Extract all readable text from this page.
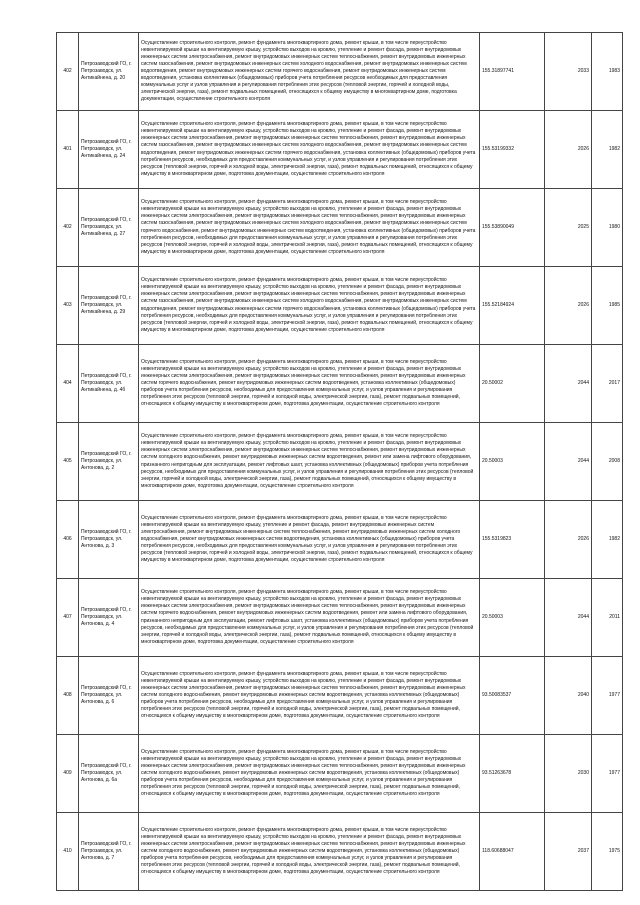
402	Петрозаводский ГО, г. Петрозаводск, ул. Антикайнена, д. 20	Осуществление строительного контроля, ремонт фундамента многоквартирного дома, ремонт крыши, в том числе переустройство невентилируемой крыши на вентилируемую крышу, устройство выходов на кровлю, утепление и ремонт фасада, ремонт внутридомовых инженерных систем электроснабжения, ремонт внутридомовых инженерных систем теплоснабжения, ремонт внутридомовых инженерных систем газоснабжения, ремонт внутридомовых инженерных систем холодного водоснабжения, ремонт внутридомовых инженерных систем водоотведения, ремонт внутридомовых инженерных систем горячего водоснабжения, ремонт внутридомовых инженерных систем водоотведения, установка коллективных (общедомовых) приборов учета потребления ресурсов необходимых для предоставления коммунальных услуг и узлов управления и регулирования потребления этих ресурсов (тепловой энергии, горячей и холодной воды, электрической энергии, газа), ремонт подвальных помещений, относящихся к общему имуществу в многоквартирном доме, подготовка документации, осуществление строительного контроля	155.31897741	2033	1983
401	Петрозаводский ГО, г. Петрозаводск, ул. Антикайнена, д. 24	Осуществление строительного контроля, ремонт фундамента многоквартирного дома, ремонт крыши, в том числе переустройство невентилируемой крыши на вентилируемую крышу, устройство выходов на кровлю, утепление и ремонт фасада, ремонт внутридомовых инженерных систем электроснабжения, ремонт внутридомовых инженерных систем теплоснабжения, ремонт внутридомовых инженерных систем газоснабжения, ремонт внутридомовых инженерных систем холодного водоснабжения, ремонт внутридомовых инженерных систем водоотведения, ремонт внутридомовых инженерных систем горячего водоснабжения, установка коллективных (общедомовых) приборов учета потребления ресурсов, необходимых для предоставления коммунальных услуг, и узлов управления и регулирования потребления этих ресурсов (тепловой энергии, горячей и холодной воды, электрической энергии, газа), ремонт подвальных помещений, относящихся к общему имуществу в многоквартирном доме, подготовка документации, осуществление строительного контроля	155.53199332	2026	1982
402	Петрозаводский ГО, г. Петрозаводск, ул. Антикайнена, д. 27	Осуществление строительного контроля, ремонт фундамента многоквартирного дома, ремонт крыши, в том числе переустройство невентилируемой крыши на вентилируемую крышу, устройство выходов на кровлю, утепление и ремонт фасада, ремонт внутридомовых инженерных систем электроснабжения, ремонт внутридомовых инженерных систем теплоснабжения, ремонт внутридомовых инженерных систем газоснабжения, ремонт внутридомовых инженерных систем холодного водоснабжения, ремонт внутридомовых инженерных систем горячего водоснабжения, ремонт внутридомовых инженерных систем водоотведения, установка коллективных (общедомовых) приборов учета потребления ресурсов, необходимых для предоставления коммунальных услуг, и узлов управления и регулирования потребления этих ресурсов (тепловой энергии, горячей и холодной воды, электрической энергии, газа), ремонт подвальных помещений, относящихся к общему имуществу в многоквартирном доме, подготовка документации, осуществление строительного контроля	155.53890049	2025	1980
403	Петрозаводский ГО, г. Петрозаводск, ул. Антикайнена, д. 29	Осуществление строительного контроля, ремонт фундамента многоквартирного дома, ремонт крыши, в том числе переустройство невентилируемой крыши на вентилируемую крышу, устройство выходов на кровлю, утепление и ремонт фасада, ремонт внутридомовых инженерных систем электроснабжения, ремонт внутридомовых инженерных систем теплоснабжения, ремонт внутридомовых инженерных систем газоснабжения, ремонт внутридомовых инженерных систем холодного водоснабжения, ремонт внутридомовых инженерных систем водоотведения, ремонт внутридомовых инженерных систем горячего водоснабжения, установка коллективных (общедомовых) приборов учета потребления ресурсов, необходимых для предоставления коммунальных услуг, и узлов управления и регулирования потребления этих ресурсов (тепловой энергии, горячей и холодной воды, электрической энергии, газа), ремонт подвальных помещений, относящихся к общему имуществу в многоквартирном доме, подготовка документации, осуществление строительного контроля	155.52184924	2026	1985
404	Петрозаводский ГО, г. Петрозаводск, ул. Антикайнена, д. 4б	Осуществление строительного контроля, ремонт фундамента многоквартирного дома, ремонт крыши, в том числе переустройство невентилируемой крыши на вентилируемую крышу, устройство выходов на кровлю, утепление и ремонт фасада, ремонт внутридомовых инженерных систем электроснабжения, ремонт внутридомовых инженерных систем теплоснабжения, ремонт внутридомовых инженерных систем горячего водоснабжения, ремонт внутридомовых инженерных систем водоотведения, установка коллективных (общедомовых) приборов учета потребления ресурсов, необходимых для предоставления коммунальных услуг, и узлов управления и регулирования потребления этих ресурсов (тепловой энергии, горячей и холодной воды, электрической энергии, газа), ремонт подвальных помещений, относящихся к общему имуществу в многоквартирном доме, подготовка документации, осуществление строительного контроля	20.50002	2044	2017
405	Петрозаводский ГО, г. Петрозаводск, ул. Антонова, д. 2	Осуществление строительного контроля, ремонт фундамента многоквартирного дома, ремонт крыши, в том числе переустройство невентилируемой крыши на вентилируемую крышу, устройство выходов на кровлю, утепление и ремонт фасада, ремонт внутридомовых инженерных систем электроснабжения, ремонт внутридомовых инженерных систем теплоснабжения, ремонт внутридомовых инженерных систем холодного водоснабжения, ремонт внутридомовых инженерных систем водоотведения, ремонт или замена лифтового оборудования, признанного непригодным для эксплуатации, ремонт лифтовых шахт, установка коллективных (общедомовых) приборов учета потребления ресурсов, необходимых для предоставления коммунальных услуг, и узлов управления и регулирования потребления этих ресурсов (тепловой энергии, горячей и холодной воды, электрической энергии, газа), ремонт подвальных помещений, относящихся к общему имуществу в многоквартирном доме, подготовка документации, осуществление строительного контроля	20.50003	2044	2008
406	Петрозаводский ГО, г. Петрозаводск, ул. Антонова, д. 3	Осуществление строительного контроля, ремонт фундамента многоквартирного дома, ремонт крыши, в том числе переустройство невентилируемой крыши на вентилируемую крышу, утепление и ремонт фасада, ремонт внутридомовых инженерных систем электроснабжения, ремонт внутридомовых инженерных систем теплоснабжения, ремонт внутридомовых инженерных систем холодного водоснабжения, ремонт внутридомовых инженерных систем водоотведения, установка коллективных (общедомовых) приборов учета потребления ресурсов, необходимых для предоставления коммунальных услуг, и узлов управления и регулирования потребления этих ресурсов (тепловой энергии, горячей и холодной воды, электрической энергии, газа), ремонт подвальных помещений, относящихся к общему имуществу в многоквартирном доме, подготовка документации, осуществление строительного контроля	155.5319823	2026	1982
407	Петрозаводский ГО, г. Петрозаводск, ул. Антонова, д. 4	Осуществление строительного контроля, ремонт фундамента многоквартирного дома, ремонт крыши, в том числе переустройство невентилируемой крыши на вентилируемую крышу, устройство выходов на кровлю, утепление и ремонт фасада, ремонт внутридомовых инженерных систем электроснабжения, ремонт внутридомовых инженерных систем теплоснабжения, ремонт внутридомовых инженерных систем горячего водоснабжения, ремонт внутридомовых инженерных систем водоотведения, ремонт или замена лифтового оборудования, признанного непригодным для эксплуатации, ремонт лифтовых шахт, установка коллективных (общедомовых) приборов учета потребления ресурсов, необходимых для предоставления коммунальных услуг, и узлов управления и регулирования потребления этих ресурсов (тепловой энергии, горячей и холодной воды, электрической энергии, газа), ремонт подвальных помещений, относящихся к общему имуществу в многоквартирном доме, подготовка документации, осуществление строительного контроля	20.50003	2044	2011
408	Петрозаводский ГО, г. Петрозаводск, ул. Антонова, д. 6	Осуществление строительного контроля, ремонт фундамента многоквартирного дома, ремонт крыши, в том числе переустройство невентилируемой крыши на вентилируемую крышу, устройство выходов на кровлю, утепление и ремонт фасада, ремонт внутридомовых инженерных систем электроснабжения, ремонт внутридомовых инженерных систем теплоснабжения, ремонт внутридомовых инженерных систем холодного водоснабжения, ремонт внутридомовых инженерных систем водоотведения, установка коллективных (общедомовых) приборов учета потребления ресурсов, необходимых для предоставления коммунальных услуг, и узлов управления и регулирования потребления этих ресурсов (тепловой энергии, горячей и холодной воды, электрической энергии, газа), ремонт подвальных помещений, относящихся к общему имуществу в многоквартирном доме, подготовка документации, осуществление строительного контроля	93.50083537	2040	1977
409	Петрозаводский ГО, г. Петрозаводск, ул. Антонова, д. 6а	Осуществление строительного контроля, ремонт фундамента многоквартирного дома, ремонт крыши, в том числе переустройство невентилируемой крыши на вентилируемую крышу, устройство выходов на кровлю, утепление и ремонт фасада, ремонт внутридомовых инженерных систем электроснабжения, ремонт внутридомовых инженерных систем теплоснабжения, ремонт внутридомовых инженерных систем холодного водоснабжения, ремонт внутридомовых инженерных систем водоотведения, установка коллективных (общедомовых) приборов учета потребления ресурсов, необходимых для предоставления коммунальных услуг, и узлов управления и регулирования потребления этих ресурсов (тепловой энергии, горячей и холодной воды, электрической энергии, газа), ремонт подвальных помещений, относящихся к общему имуществу в многоквартирном доме, подготовка документации, осуществление строительного контроля	93.51263678	2030	1977
410	Петрозаводский ГО, г. Петрозаводск, ул. Антонова, д. 7	Осуществление строительного контроля, ремонт фундамента многоквартирного дома, ремонт крыши, в том числе переустройство невентилируемой крыши на вентилируемую крышу, устройство выходов на кровлю, утепление и ремонт фасада, ремонт внутридомовых инженерных систем электроснабжения, ремонт внутридомовых инженерных систем теплоснабжения, ремонт внутридомовых инженерных систем холодного водоснабжения, ремонт внутридомовых инженерных систем водоотведения, установка коллективных (общедомовых) приборов учета потребления ресурсов, необходимых для предоставления коммунальных услуг, и узлов управления и регулирования потребления этих ресурсов (тепловой энергии, горячей и холодной воды, электрической энергии, газа), ремонт подвальных помещений, относящихся к общему имуществу в многоквартирном доме, подготовка документации, осуществление строительного контроля	118.60688047	2037	1975
